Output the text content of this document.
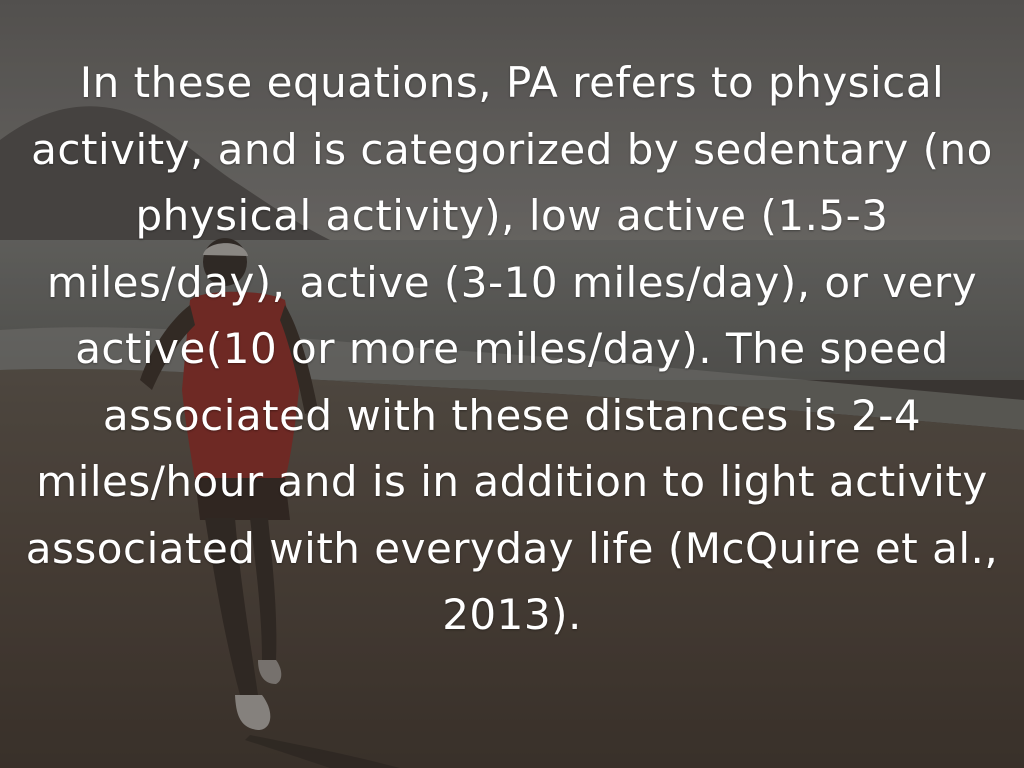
In these equations, PA refers to physical activity, and is categorized by sedentary (no physical activity), low active (1.5-3 miles/day), active (3-10 miles/day), or very active(10 or more miles/day). The speed associated with these distances is 2-4 miles/hour and is in addition to light activity associated with everyday life (McQuire et al., 2013).
